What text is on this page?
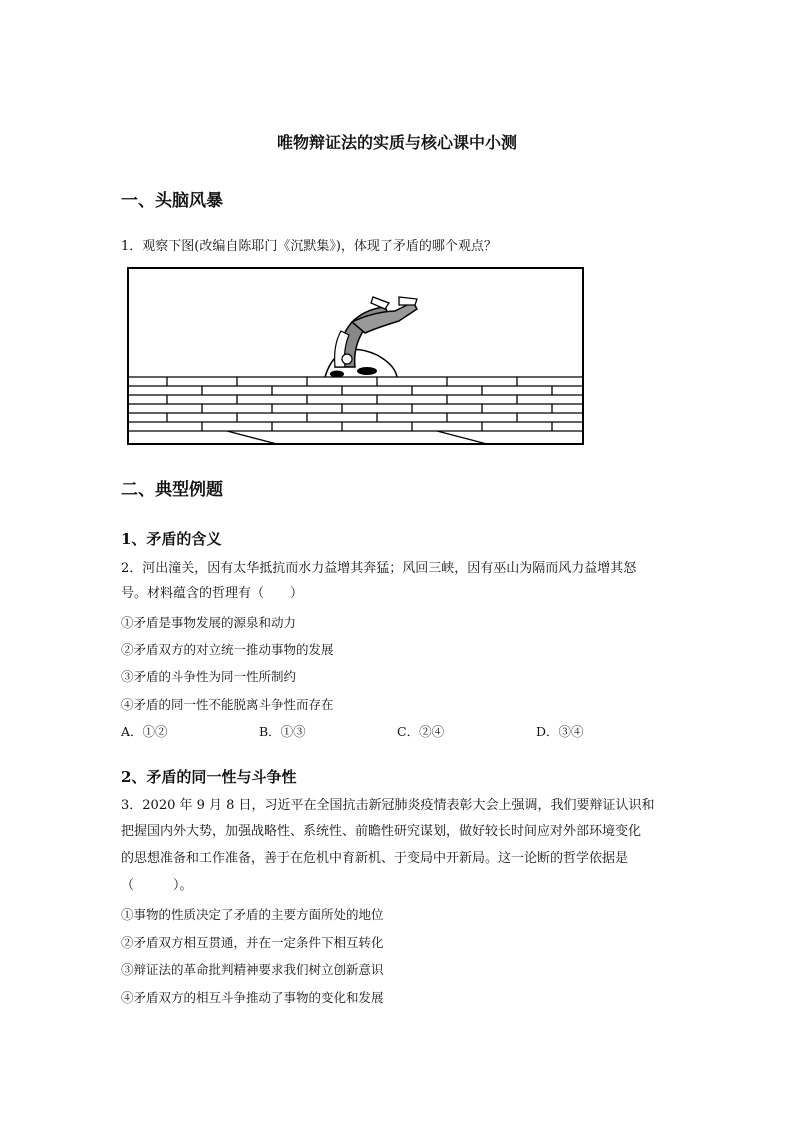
唯物辩证法的实质与核心课中小测
一、头脑风暴
1．观察下图(改编自陈耶门《沉默集》)，体现了矛盾的哪个观点？
二、典型例题
1、矛盾的含义
2．河出潼关，因有太华抵抗而水力益增其奔猛；风回三峡，因有巫山为隔而风力益增其怒
号。材料蕴含的哲理有（　　）
①矛盾是事物发展的源泉和动力
②矛盾双方的对立统一推动事物的发展
③矛盾的斗争性为同一性所制约
④矛盾的同一性不能脱离斗争性而存在
A．①②	B．①③	C．②④	D．③④
2、矛盾的同一性与斗争性
3．2020 年 9 月 8 日，习近平在全国抗击新冠肺炎疫情表彰大会上强调，我们要辩证认识和
把握国内外大势，加强战略性、系统性、前瞻性研究谋划，做好较长时间应对外部环境变化
的思想准备和工作准备，善于在危机中育新机、于变局中开新局。这一论断的哲学依据是
（　　　）。
①事物的性质决定了矛盾的主要方面所处的地位
②矛盾双方相互贯通，并在一定条件下相互转化
③辩证法的革命批判精神要求我们树立创新意识
④矛盾双方的相互斗争推动了事物的变化和发展
